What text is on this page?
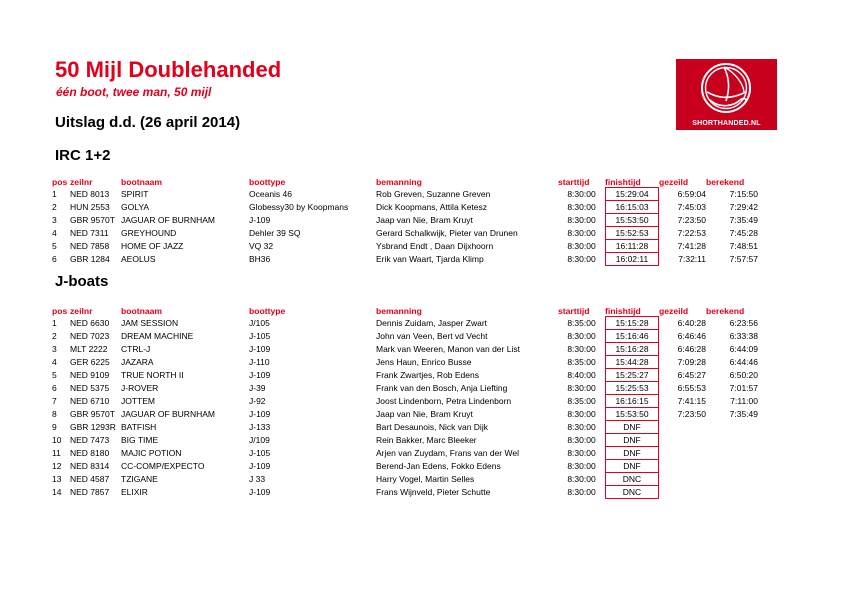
50 Mijl Doublehanded
één boot, twee man, 50 mijl
Uitslag d.d. (26 april 2014)	SHORTHANDED.NL
IRC 1+2
pos	zeilnr	bootnaam	boottype	bemanning	starttijd	finishtijd	gezeild	berekend
1	NED 8013	SPIRIT	Oceanis 46	Rob Greven, Suzanne Greven	8:30:00	15:29:04	6:59:04	7:15:50
2	HUN 2553	GOLYA	Globessy30 by Koopmans	Dick Koopmans, Attila Ketesz	8:30:00	16:15:03	7:45:03	7:29:42
3	GBR 9570T	JAGUAR OF BURNHAM	J-109	Jaap van Nie, Bram Kruyt	8:30:00	15:53:50	7:23:50	7:35:49
4	NED 7311	GREYHOUND	Dehler 39 SQ	Gerard Schalkwijk, Pieter van Drunen	8:30:00	15:52:53	7:22:53	7:45:28
5	NED 7858	HOME OF JAZZ	VQ 32	Ysbrand Endt , Daan Dijxhoorn	8:30:00	16:11:28	7:41:28	7:48:51
6	GBR 1284	AEOLUS	BH36	Erik van Waart, Tjarda Klimp	8:30:00	16:02:11	7:32:11	7:57:57
J-boats
pos	zeilnr	bootnaam	boottype	bemanning	starttijd	finishtijd	gezeild	berekend
1	NED 6630	JAM SESSION	J/105	Dennis Zuidam, Jasper Zwart	8:35:00	15:15:28	6:40:28	6:23:56
2	NED 7023	DREAM MACHINE	J-105	John van Veen, Bert vd Vecht	8:30:00	15:16:46	6:46:46	6:33:38
3	MLT 2222	CTRL-J	J-109	Mark van Weeren, Manon van der List	8:30:00	15:16:28	6:46:28	6:44:09
4	GER 6225	JAZARA	J-110	Jens Haun, Enrico Busse	8:35:00	15:44:28	7:09:28	6:44:46
5	NED 9109	TRUE NORTH II	J-109	Frank Zwartjes, Rob Edens	8:40:00	15:25:27	6:45:27	6:50:20
6	NED 5375	J-ROVER	J-39	Frank van den Bosch, Anja Liefting	8:30:00	15:25:53	6:55:53	7:01:57
7	NED 6710	JOTTEM	J-92	Joost Lindenborn, Petra Lindenborn	8:35:00	16:16:15	7:41:15	7:11:00
8	GBR 9570T	JAGUAR OF BURNHAM	J-109	Jaap van Nie, Bram Kruyt	8:30:00	15:53:50	7:23:50	7:35:49
9	GBR 1293R	BATFISH	J-133	Bart Desaunois, Nick van Dijk	8:30:00	DNF		
10	NED 7473	BIG TIME	J/109	Rein Bakker, Marc Bleeker	8:30:00	DNF		
11	NED 8180	MAJIC POTION	J-105	Arjen van Zuydam, Frans van der Wel	8:30:00	DNF		
12	NED 8314	CC-COMP/EXPECTO	J-109	Berend-Jan Edens, Fokko Edens	8:30:00	DNF		
13	NED 4587	TZIGANE	J 33	Harry Vogel, Martin Selles	8:30:00	DNC		
14	NED 7857	ELIXIR	J-109	Frans Wijnveld, Pieter Schutte	8:30:00	DNC		
